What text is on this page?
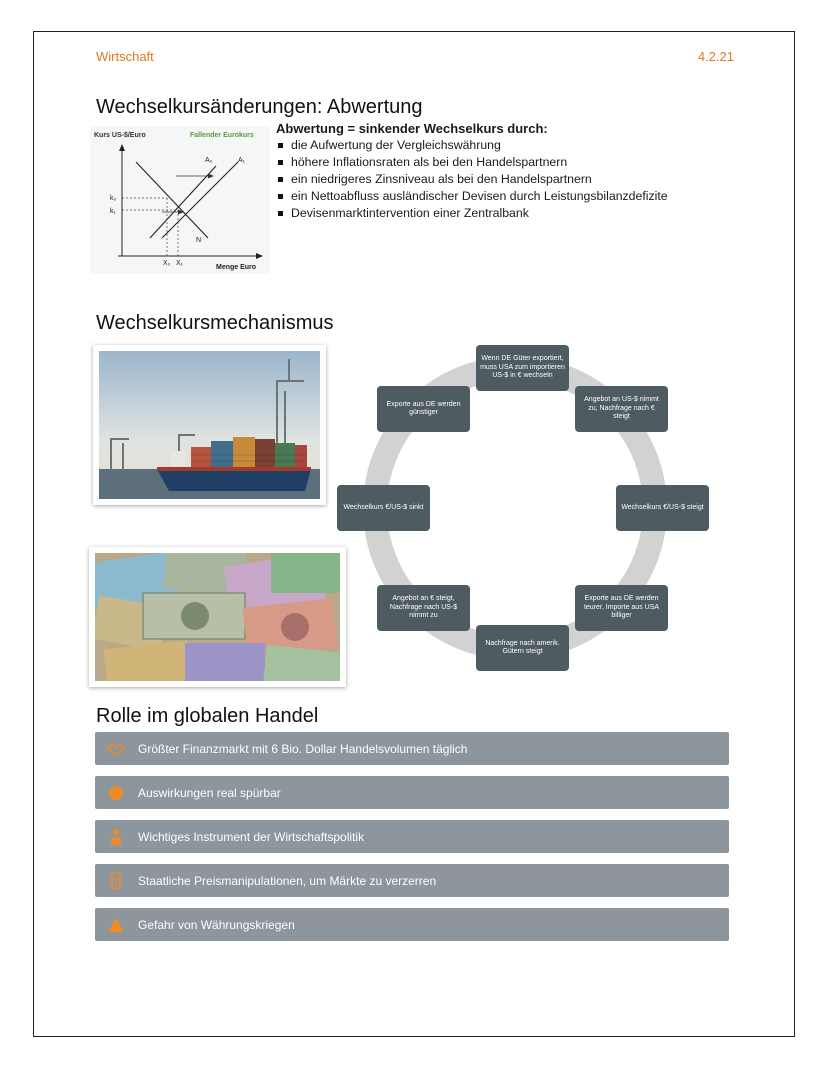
Wirtschaft	4.2.21
Wechselkursänderungen: Abwertung
Kurs US-$/Euro	Fallender Eurokurs
N
A₀	A₁
k₀
k₁
X₀ X₁
Menge Euro
Abwertung = sinkender Wechselkurs durch:
die Aufwertung der Vergleichswährung
höhere Inflationsraten als bei den Handelspartnern
ein niedrigeres Zinsniveau als bei den Handelspartnern
ein Nettoabfluss ausländischer Devisen durch Leistungsbilanzdefizite
Devisenmarktintervention einer Zentralbank
Wechselkursmechanismus
Wenn DE Güter exportiert, muss USA zum importieren US-$ in € wechseln
Angebot an US-$ nimmt zu, Nachfrage nach € steigt
Wechselkurs €/US-$ steigt
Exporte aus DE werden teurer, Importe aus USA billiger
Nachfrage nach amerik. Gütern steigt
Angebot an € steigt, Nachfrage nach US-$ nimmt zu
Wechselkurs €/US-$ sinkt
Exporte aus DE werden günstiger
Rolle im globalen Handel
Größter Finanzmarkt mit 6 Bio. Dollar Handelsvolumen täglich
Auswirkungen real spürbar
Wichtiges Instrument der Wirtschaftspolitik
Staatliche Preismanipulationen, um Märkte zu verzerren
Gefahr von Währungskriegen
